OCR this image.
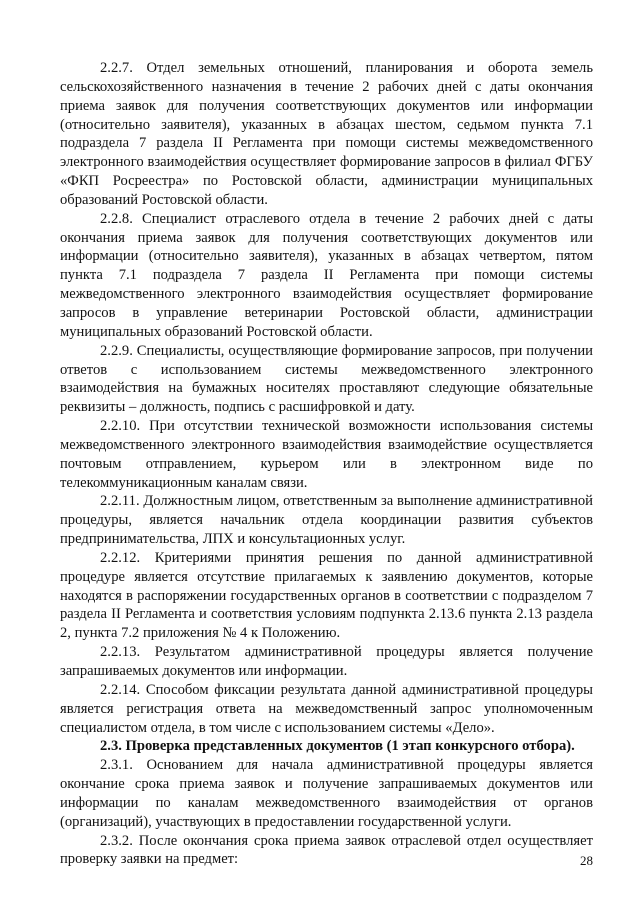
2.2.7. Отдел земельных отношений, планирования и оборота земель сельскохозяйственного назначения в течение 2 рабочих дней с даты окончания приема заявок для получения соответствующих документов или информации (относительно заявителя), указанных в абзацах шестом, седьмом пункта 7.1 подраздела 7 раздела II Регламента при помощи системы межведомственного электронного взаимодействия осуществляет формирование запросов в филиал ФГБУ «ФКП Росреестра» по Ростовской области, администрации муниципальных образований Ростовской области.

2.2.8. Специалист отраслевого отдела в течение 2 рабочих дней с даты окончания приема заявок для получения соответствующих документов или информации (относительно заявителя), указанных в абзацах четвертом, пятом пункта 7.1 подраздела 7 раздела II Регламента при помощи системы межведомственного электронного взаимодействия осуществляет формирование запросов в управление ветеринарии Ростовской области, администрации муниципальных образований Ростовской области.

2.2.9. Специалисты, осуществляющие формирование запросов, при получении ответов с использованием системы межведомственного электронного взаимодействия на бумажных носителях проставляют следующие обязательные реквизиты – должность, подпись с расшифровкой и дату.

2.2.10. При отсутствии технической возможности использования системы межведомственного электронного взаимодействия взаимодействие осуществляется почтовым отправлением, курьером или в электронном виде по телекоммуникационным каналам связи.

2.2.11. Должностным лицом, ответственным за выполнение административной процедуры, является начальник отдела координации развития субъектов предпринимательства, ЛПХ и консультационных услуг.

2.2.12. Критериями принятия решения по данной административной процедуре является отсутствие прилагаемых к заявлению документов, которые находятся в распоряжении государственных органов в соответствии с подразделом 7 раздела II Регламента и соответствия условиям подпункта 2.13.6 пункта 2.13 раздела 2, пункта 7.2 приложения № 4 к Положению.

2.2.13. Результатом административной процедуры является получение запрашиваемых документов или информации.

2.2.14. Способом фиксации результата данной административной процедуры является регистрация ответа на межведомственный запрос уполномоченным специалистом отдела, в том числе с использованием системы «Дело».

2.3. Проверка представленных документов (1 этап конкурсного отбора).

2.3.1. Основанием для начала административной процедуры является окончание срока приема заявок и получение запрашиваемых документов или информации по каналам межведомственного взаимодействия от органов (организаций), участвующих в предоставлении государственной услуги.

2.3.2. После окончания срока приема заявок отраслевой отдел осуществляет проверку заявки на предмет:	28
